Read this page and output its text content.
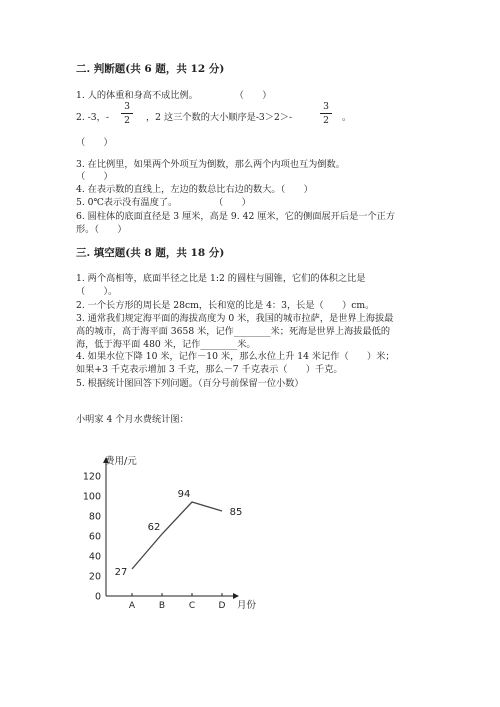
二. 判断题(共 6 题，共 12 分)
1. 人的体重和身高不成比例。　　　　　（　　）
2. -3，-
3
2	，2 这三个数的大小顺序是-3＞2＞-
3
2	。
（　　）
3. 在比例里，如果两个外项互为倒数，那么两个内项也互为倒数。
（　　）
4. 在表示数的直线上，左边的数总比右边的数大。（　　）
5. 0℃表示没有温度了。　　　　　（　　）
6. 圆柱体的底面直径是 3 厘米，高是 9. 42 厘米，它的侧面展开后是一个正方
形。（　　）
三. 填空题(共 8 题，共 18 分)
1. 两个高相等，底面半径之比是 1:2 的圆柱与圆锥，它们的体积之比是
（　　）。
2. 一个长方形的周长是 28cm，长和宽的比是 4：3，长是（　　）cm。
3. 通常我们规定海平面的海拔高度为 0 米，我国的城市拉萨，是世界上海拔最
高的城市，高于海平面 3658 米，记作________米；死海是世界上海拔最低的
海，低于海平面 480 米，记作________米。
4. 如果水位下降 10 米，记作－10 米，那么水位上升 14 米记作（　　）米；
如果+3 千克表示增加 3 千克，那么－7 千克表示（　　）千克。
5. 根据统计图回答下列问题。（百分号前保留一位小数）
小明家 4 个月水费统计图：
费用/元
月份
0
20
40
60
80
100
120
A	B	C	D
27
62
94
85
